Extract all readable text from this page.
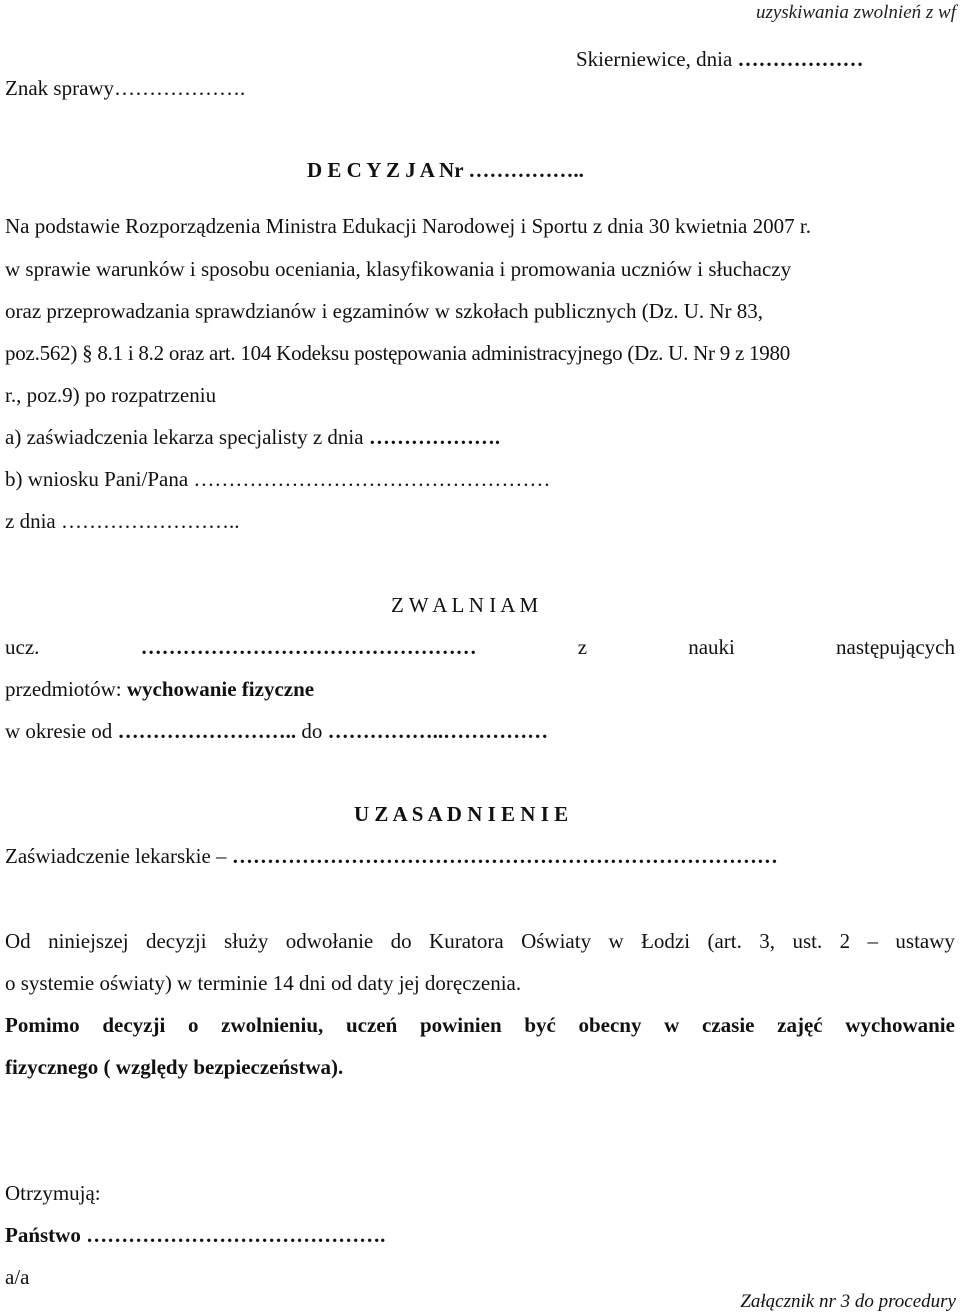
uzyskiwania zwolnień z wf
Skierniewice, dnia ………………
Znak sprawy……………….
D E C Y Z J A Nr ……………..
Na podstawie Rozporządzenia Ministra Edukacji Narodowej i Sportu z dnia 30 kwietnia 2007 r.
w sprawie warunków i sposobu oceniania, klasyfikowania i promowania uczniów i słuchaczy
oraz przeprowadzania sprawdzianów i egzaminów w szkołach publicznych (Dz. U. Nr 83,
poz.562) § 8.1 i 8.2 oraz art. 104 Kodeksu postępowania administracyjnego (Dz. U. Nr 9 z 1980
r., poz.9) po rozpatrzeniu
a) zaświadczenia lekarza specjalisty z dnia ……………….
b) wniosku Pani/Pana ……………………………………………
z dnia ……………………..
Z W A L N I A M
ucz.	…………………………………………	z	nauki	następujących
przedmiotów: wychowanie fizyczne
w okresie od …………………….. do ……………..……………
U Z A S A D N I E N I E
Zaświadczenie lekarskie – ……………………………………………………………………
Od niniejszej decyzji służy odwołanie do Kuratora Oświaty w Łodzi (art. 3, ust. 2 – ustawy
o systemie oświaty) w terminie 14 dni od daty jej doręczenia.
Pomimo decyzji o zwolnieniu, uczeń powinien być obecny w czasie zajęć wychowanie
fizycznego ( względy bezpieczeństwa).
Otrzymują:
Państwo …………………………………….
a/a
Załącznik nr 3 do procedury
